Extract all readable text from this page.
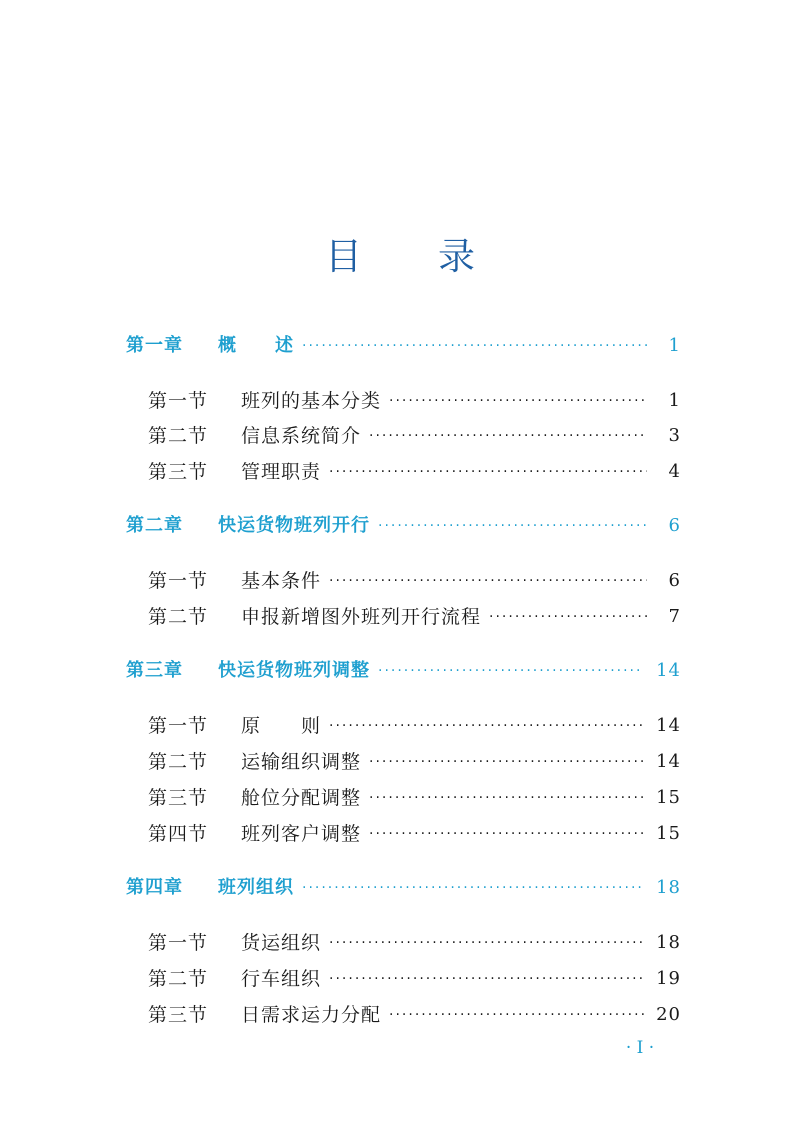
目 录
第一章	概　　述 ·····	1
第一节	班列的基本分类 ·····	1
第二节	信息系统简介 ·····	3
第三节	管理职责 ·····	4
第二章	快运货物班列开行 ·····	6
第一节	基本条件 ·····	6
第二节	申报新增图外班列开行流程 ·····	7
第三章	快运货物班列调整 ·····	14
第一节	原　　则 ·····	14
第二节	运输组织调整 ·····	14
第三节	舱位分配调整 ·····	15
第四节	班列客户调整 ·····	15
第四章	班列组织 ·····	18
第一节	货运组织 ·····	18
第二节	行车组织 ·····	19
第三节	日需求运力分配 ·····	20
· I ·
